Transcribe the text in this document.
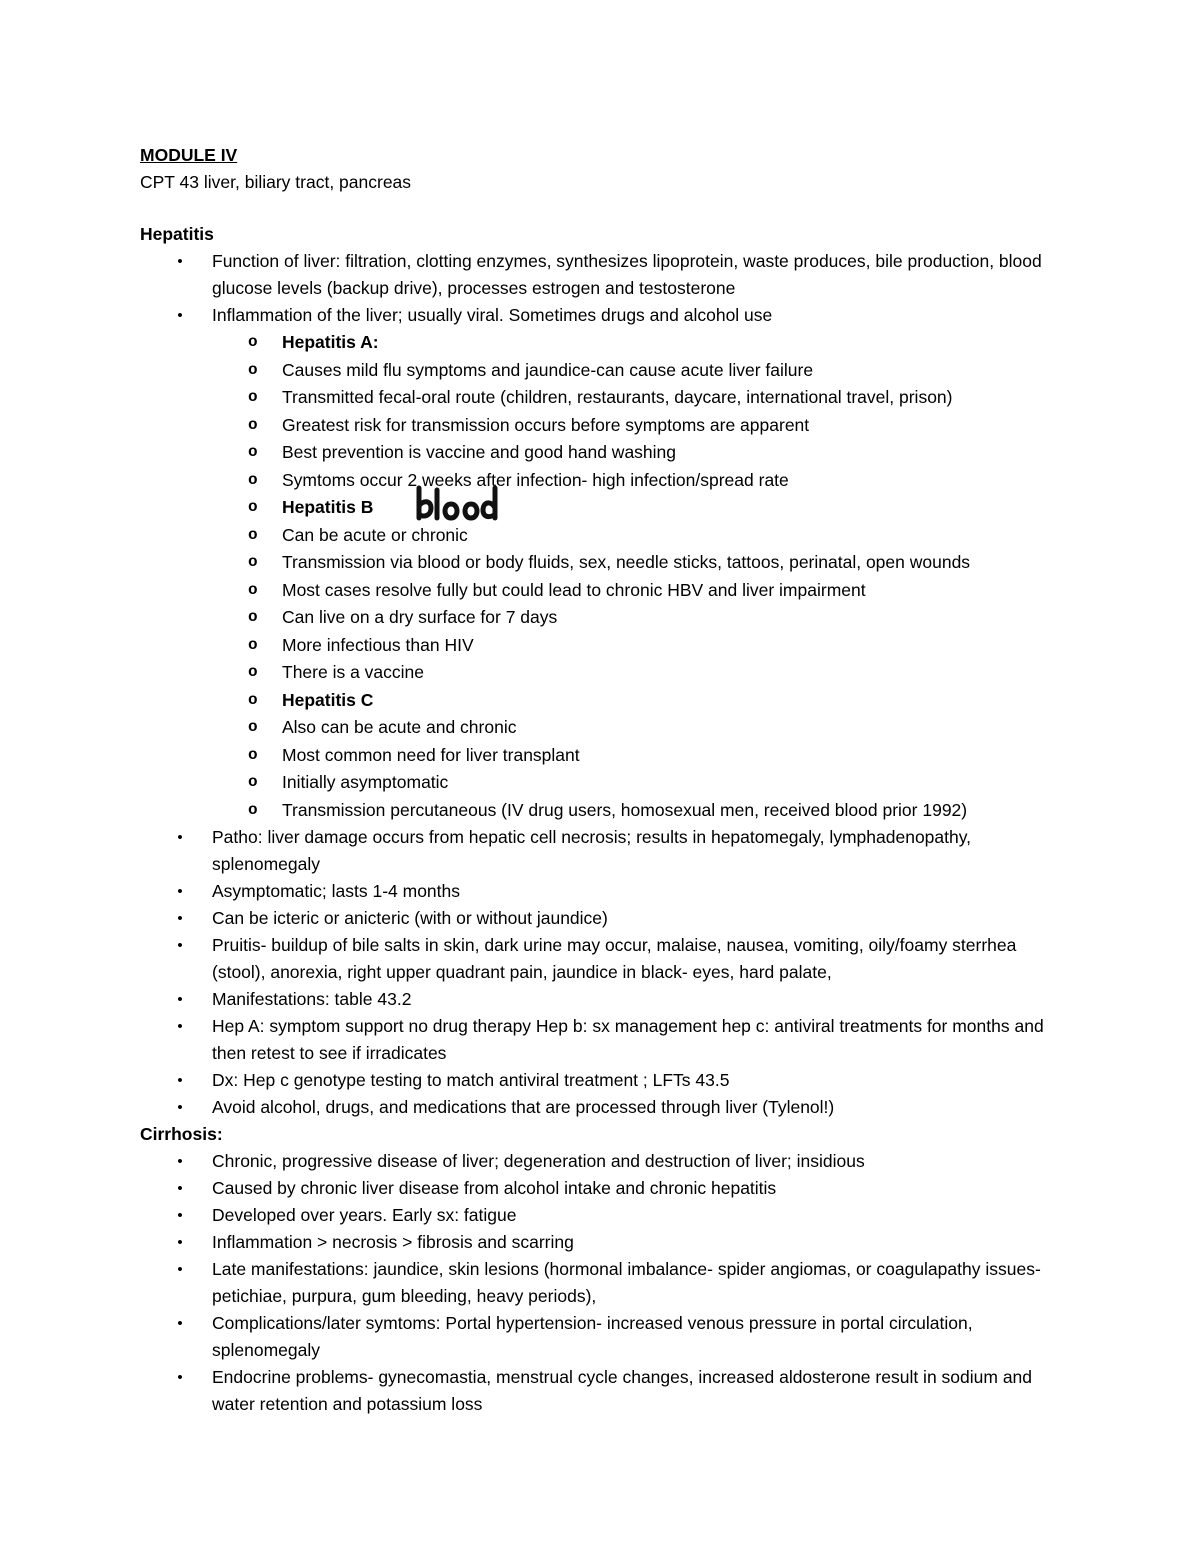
MODULE IV
CPT 43 liver, biliary tract, pancreas
Hepatitis
• Function of liver: filtration, clotting enzymes, synthesizes lipoprotein, waste produces, bile production, blood glucose levels (backup drive), processes estrogen and testosterone
• Inflammation of the liver; usually viral. Sometimes drugs and alcohol use
o Hepatitis A:
o Causes mild flu symptoms and jaundice-can cause acute liver failure
o Transmitted fecal-oral route (children, restaurants, daycare, international travel, prison)
o Greatest risk for transmission occurs before symptoms are apparent
o Best prevention is vaccine and good hand washing
o Symtoms occur 2 weeks after infection- high infection/spread rate
o Hepatitis B
o Can be acute or chronic
o Transmission via blood or body fluids, sex, needle sticks, tattoos, perinatal, open wounds
o Most cases resolve fully but could lead to chronic HBV and liver impairment
o Can live on a dry surface for 7 days
o More infectious than HIV
o There is a vaccine
o Hepatitis C
o Also can be acute and chronic
o Most common need for liver transplant
o Initially asymptomatic
o Transmission percutaneous (IV drug users, homosexual men, received blood prior 1992)
• Patho: liver damage occurs from hepatic cell necrosis; results in hepatomegaly, lymphadenopathy, splenomegaly
• Asymptomatic; lasts 1-4 months
• Can be icteric or anicteric (with or without jaundice)
• Pruitis- buildup of bile salts in skin, dark urine may occur, malaise, nausea, vomiting, oily/foamy sterrhea (stool), anorexia, right upper quadrant pain, jaundice in black- eyes, hard palate,
• Manifestations: table 43.2
• Hep A: symptom support no drug therapy Hep b: sx management hep c: antiviral treatments for months and then retest to see if irradicates
• Dx: Hep c genotype testing to match antiviral treatment ; LFTs 43.5
• Avoid alcohol, drugs, and medications that are processed through liver (Tylenol!)
Cirrhosis:
• Chronic, progressive disease of liver; degeneration and destruction of liver; insidious
• Caused by chronic liver disease from alcohol intake and chronic hepatitis
• Developed over years. Early sx: fatigue
• Inflammation > necrosis > fibrosis and scarring
• Late manifestations: jaundice, skin lesions (hormonal imbalance- spider angiomas, or coagulapathy issues- petichiae, purpura, gum bleeding, heavy periods),
• Complications/later symtoms: Portal hypertension- increased venous pressure in portal circulation, splenomegaly
• Endocrine problems- gynecomastia, menstrual cycle changes, increased aldosterone result in sodium and water retention and potassium loss
